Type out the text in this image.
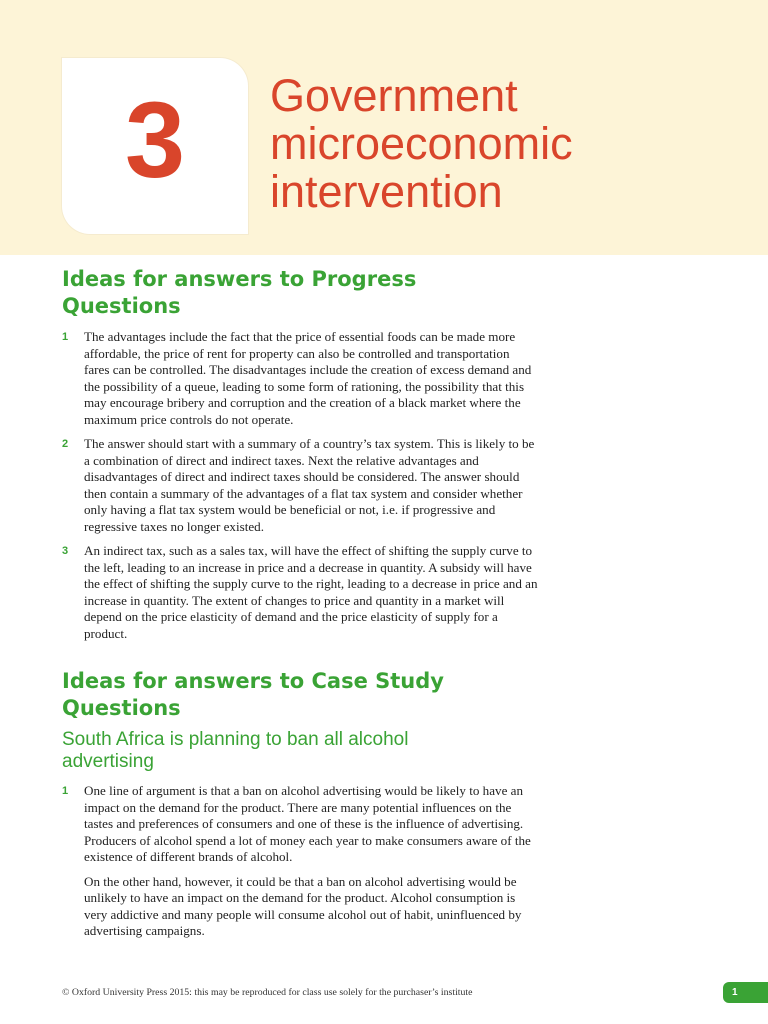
3	Government
microeconomic
intervention
Ideas for answers to Progress
Questions
1 The advantages include the fact that the price of essential foods can be made more affordable, the price of rent for property can also be controlled and transportation fares can be controlled. The disadvantages include the creation of excess demand and the possibility of a queue, leading to some form of rationing, the possibility that this may encourage bribery and corruption and the creation of a black market where the maximum price controls do not operate.

2 The answer should start with a summary of a country’s tax system. This is likely to be a combination of direct and indirect taxes. Next the relative advantages and disadvantages of direct and indirect taxes should be considered. The answer should then contain a summary of the advantages of a flat tax system and consider whether only having a flat tax system would be beneficial or not, i.e. if progressive and regressive taxes no longer existed.

3 An indirect tax, such as a sales tax, will have the effect of shifting the supply curve to the left, leading to an increase in price and a decrease in quantity. A subsidy will have the effect of shifting the supply curve to the right, leading to a decrease in price and an increase in quantity. The extent of changes to price and quantity in a market will depend on the price elasticity of demand and the price elasticity of supply for a product.

Ideas for answers to Case Study
Questions
South Africa is planning to ban all alcohol
advertising
1 One line of argument is that a ban on alcohol advertising would be likely to have an impact on the demand for the product. There are many potential influences on the tastes and preferences of consumers and one of these is the influence of advertising. Producers of alcohol spend a lot of money each year to make consumers aware of the existence of different brands of alcohol.

On the other hand, however, it could be that a ban on alcohol advertising would be unlikely to have an impact on the demand for the product. Alcohol consumption is very addictive and many people will consume alcohol out of habit, uninfluenced by advertising campaigns.

© Oxford University Press 2015: this may be reproduced for class use solely for the purchaser’s institute	1
